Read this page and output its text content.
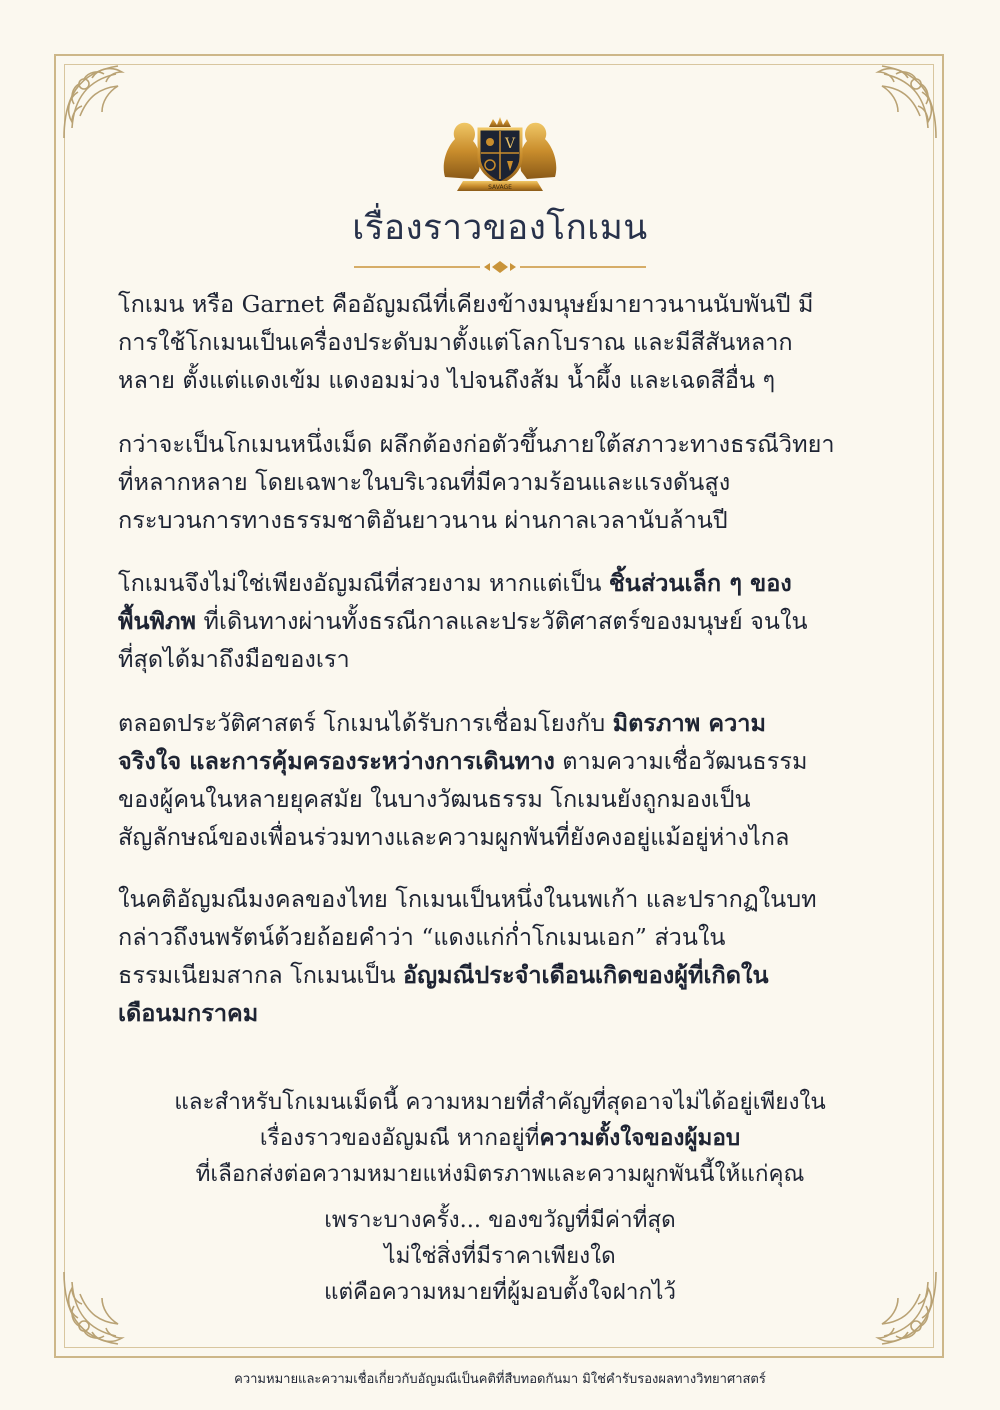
V
SAVAGE
เรื่องราวของโกเมน
โกเมน หรือ Garnet คืออัญมณีที่เคียงข้างมนุษย์มายาวนานนับพันปี มี
การใช้โกเมนเป็นเครื่องประดับมาตั้งแต่โลกโบราณ และมีสีสันหลาก
หลาย ตั้งแต่แดงเข้ม แดงอมม่วง ไปจนถึงส้ม น้ำผึ้ง และเฉดสีอื่น ๆ
กว่าจะเป็นโกเมนหนึ่งเม็ด ผลึกต้องก่อตัวขึ้นภายใต้สภาวะทางธรณีวิทยา
ที่หลากหลาย โดยเฉพาะในบริเวณที่มีความร้อนและแรงดันสูง
กระบวนการทางธรรมชาติอันยาวนาน ผ่านกาลเวลานับล้านปี
โกเมนจึงไม่ใช่เพียงอัญมณีที่สวยงาม หากแต่เป็น ชิ้นส่วนเล็ก ๆ ของ
พื้นพิภพ ที่เดินทางผ่านทั้งธรณีกาลและประวัติศาสตร์ของมนุษย์ จนใน
ที่สุดได้มาถึงมือของเรา
ตลอดประวัติศาสตร์ โกเมนได้รับการเชื่อมโยงกับ มิตรภาพ ความ
จริงใจ และการคุ้มครองระหว่างการเดินทาง ตามความเชื่อวัฒนธรรม
ของผู้คนในหลายยุคสมัย ในบางวัฒนธรรม โกเมนยังถูกมองเป็น
สัญลักษณ์ของเพื่อนร่วมทางและความผูกพันที่ยังคงอยู่แม้อยู่ห่างไกล
ในคติอัญมณีมงคลของไทย โกเมนเป็นหนึ่งในนพเก้า และปรากฏในบท
กล่าวถึงนพรัตน์ด้วยถ้อยคำว่า “แดงแก่ก่ำโกเมนเอก” ส่วนใน
ธรรมเนียมสากล โกเมนเป็น อัญมณีประจำเดือนเกิดของผู้ที่เกิดใน
เดือนมกราคม
และสำหรับโกเมนเม็ดนี้ ความหมายที่สำคัญที่สุดอาจไม่ได้อยู่เพียงใน
เรื่องราวของอัญมณี หากอยู่ที่ความตั้งใจของผู้มอบ
ที่เลือกส่งต่อความหมายแห่งมิตรภาพและความผูกพันนี้ให้แก่คุณ
เพราะบางครั้ง... ของขวัญที่มีค่าที่สุด
ไม่ใช่สิ่งที่มีราคาเพียงใด
แต่คือความหมายที่ผู้มอบตั้งใจฝากไว้
ความหมายและความเชื่อเกี่ยวกับอัญมณีเป็นคติที่สืบทอดกันมา มิใช่คำรับรองผลทางวิทยาศาสตร์
